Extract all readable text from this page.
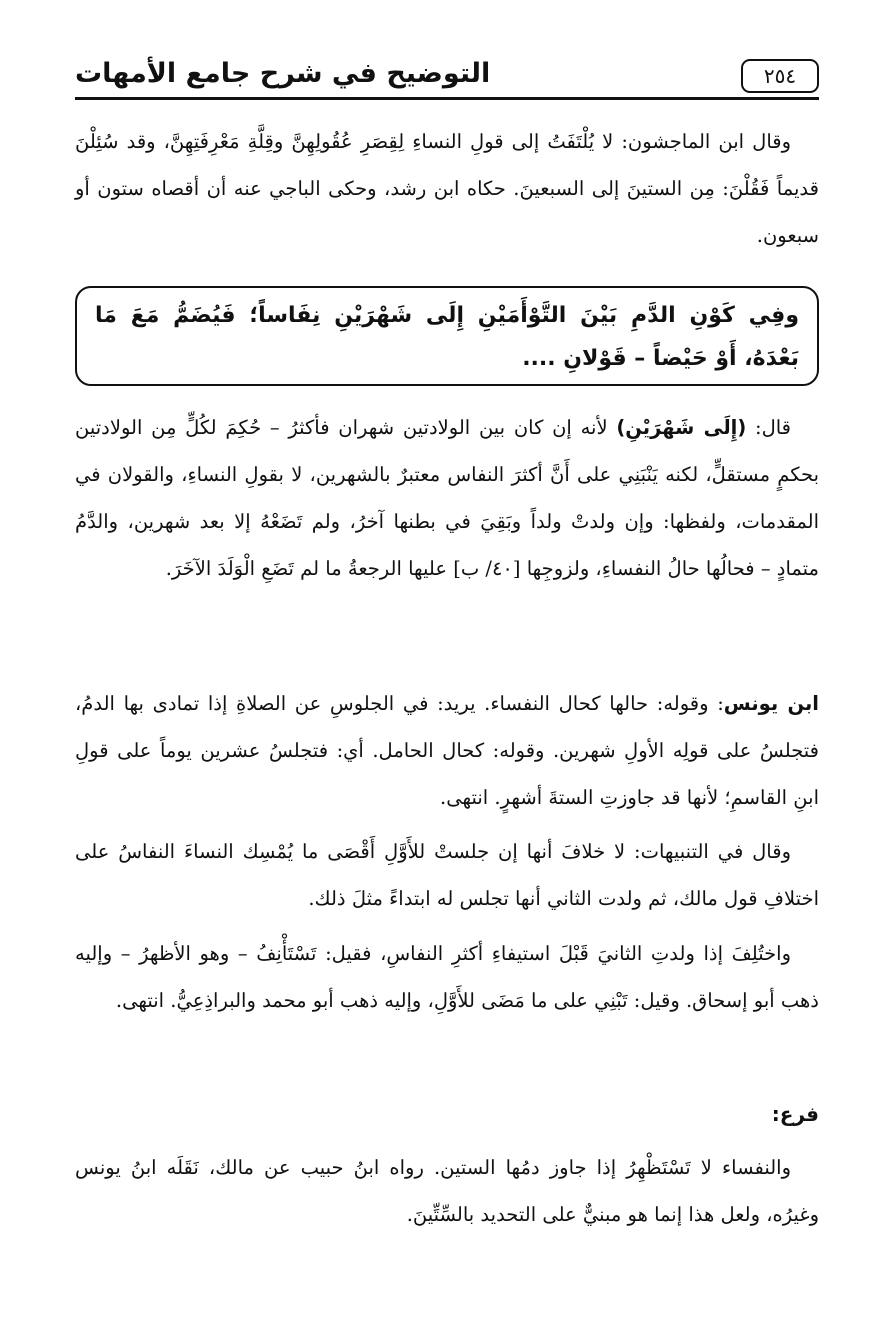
التوضيح في شرح جامع الأمهات	٢٥٤
وقال ابن الماجشون: لا يُلْتَفَتُ إلى قولِ النساءِ لِقِصَرِ عُقُولِهِنَّ وقِلَّةِ مَعْرِفَتِهِنَّ، وقد سُئِلْنَ قديماً فَقُلْنَ: مِن الستينَ إلى السبعينَ. حكاه ابن رشد، وحكى الباجي عنه أن أقصاه ستون أو سبعون.
وفِي كَوْنِ الدَّمِ بَيْنَ التَّوْأَمَيْنِ إِلَى شَهْرَيْنِ نِفَاساً؛ فَيُضَمُّ مَعَ مَا بَعْدَهُ، أَوْ حَيْضاً – قَوْلانِ ....
قال: (إِلَى شَهْرَيْنِ) لأنه إن كان بين الولادتين شهران فأكثرُ – حُكِمَ لكُلٍّ مِن الولادتين بحكمٍ مستقلٍّ، لكنه يَنْبَنِي على أَنَّ أكثرَ النفاس معتبرٌ بالشهرين، لا بقولِ النساءِ، والقولان في المقدمات، ولفظها: وإن ولدتْ ولداً وبَقِيَ في بطنها آخرُ، ولم تَضَعْهُ إلا بعد شهرين، والدَّمُ متمادٍ – فحالُها حالُ النفساءِ، ولزوجِها [٤٠/ ب] عليها الرجعةُ ما لم تَضَعِ الْوَلَدَ الآخَرَ.
ابن يونس: وقوله: حالها كحال النفساء. يريد: في الجلوسِ عن الصلاةِ إذا تمادى بها الدمُ، فتجلسُ على قولِه الأولِ شهرين. وقوله: كحال الحامل. أي: فتجلسُ عشرين يوماً على قولِ ابنِ القاسمِ؛ لأنها قد جاوزتِ الستةَ أشهرٍ. انتهى.
وقال في التنبيهات: لا خلافَ أنها إن جلستْ للأَوَّلِ أَقْصَى ما يُمْسِك النساءَ النفاسُ على اختلافِ قول مالك، ثم ولدت الثاني أنها تجلس له ابتداءً مثلَ ذلك.
واختُلِفَ إذا ولدتِ الثانيَ قَبْلَ استيفاءِ أكثرِ النفاسِ، فقيل: تَسْتَأْنِفُ – وهو الأظهرُ – وإليه ذهب أبو إسحاق. وقيل: تَبْنِي على ما مَضَى للأَوَّلِ، وإليه ذهب أبو محمد والبراذِعِيُّ. انتهى.
فرع:
والنفساء لا تَسْتَظْهِرُ إذا جاوز دمُها الستين. رواه ابنُ حبيب عن مالك، نَقَلَه ابنُ يونس وغيرُه، ولعل هذا إنما هو مبنيٌّ على التحديد بالسِّتِّينَ.
